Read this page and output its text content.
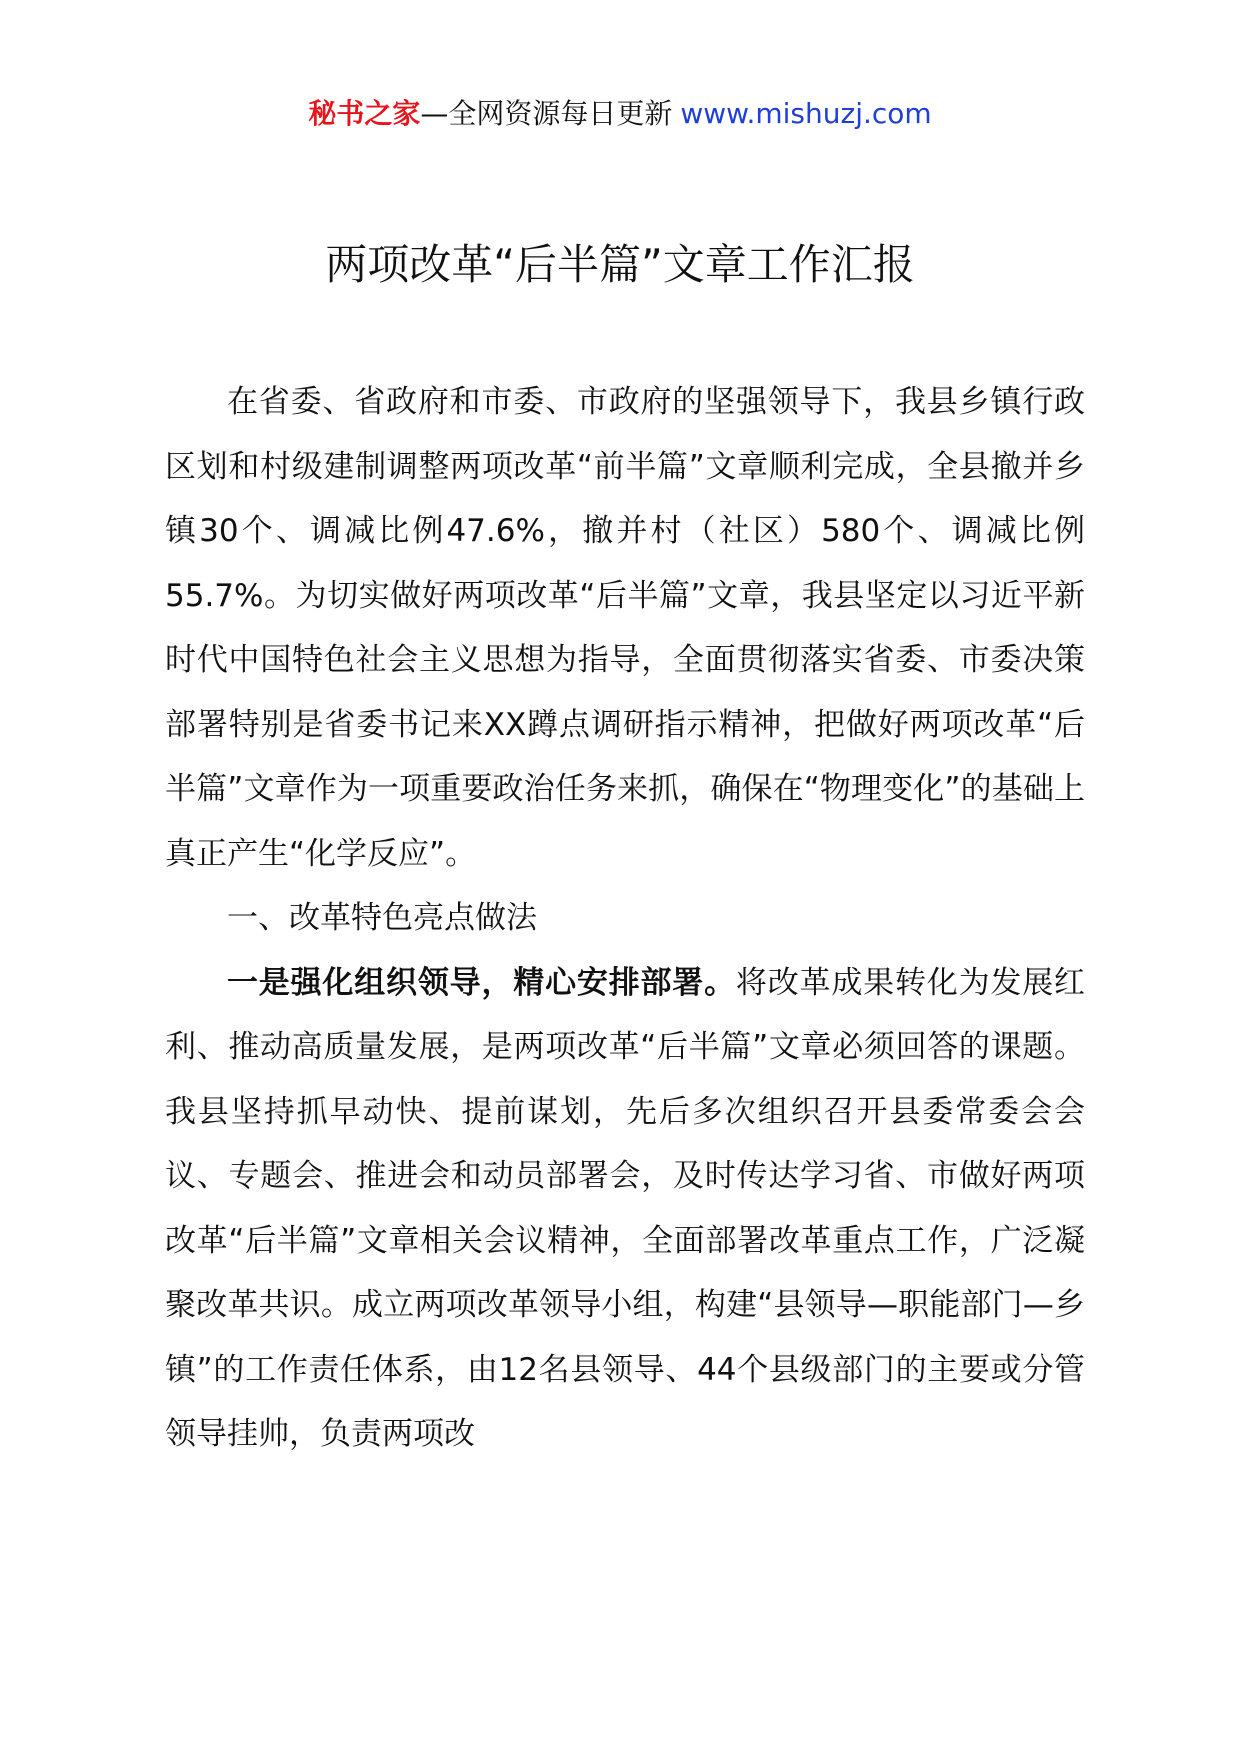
秘书之家—全网资源每日更新 www.mishuzj.com
两项改革“后半篇”文章工作汇报

在省委、省政府和市委、市政府的坚强领导下，我县乡镇行政区划和村级建制调整两项改革“前半篇”文章顺利完成，全县撤并乡镇30个、调减比例47.6%，撤并村（社区）580个、调减比例55.7%。为切实做好两项改革“后半篇”文章，我县坚定以习近平新时代中国特色社会主义思想为指导，全面贯彻落实省委、市委决策部署特别是省委书记来XX蹲点调研指示精神，把做好两项改革“后半篇”文章作为一项重要政治任务来抓，确保在“物理变化”的基础上真正产生“化学反应”。

一、改革特色亮点做法

一是强化组织领导，精心安排部署。将改革成果转化为发展红利、推动高质量发展，是两项改革“后半篇”文章必须回答的课题。我县坚持抓早动快、提前谋划，先后多次组织召开县委常委会会议、专题会、推进会和动员部署会，及时传达学习省、市做好两项改革“后半篇”文章相关会议精神，全面部署改革重点工作，广泛凝聚改革共识。成立两项改革领导小组，构建“县领导—职能部门—乡镇”的工作责任体系，由12名县领导、44个县级部门的主要或分管领导挂帅，负责两项改
